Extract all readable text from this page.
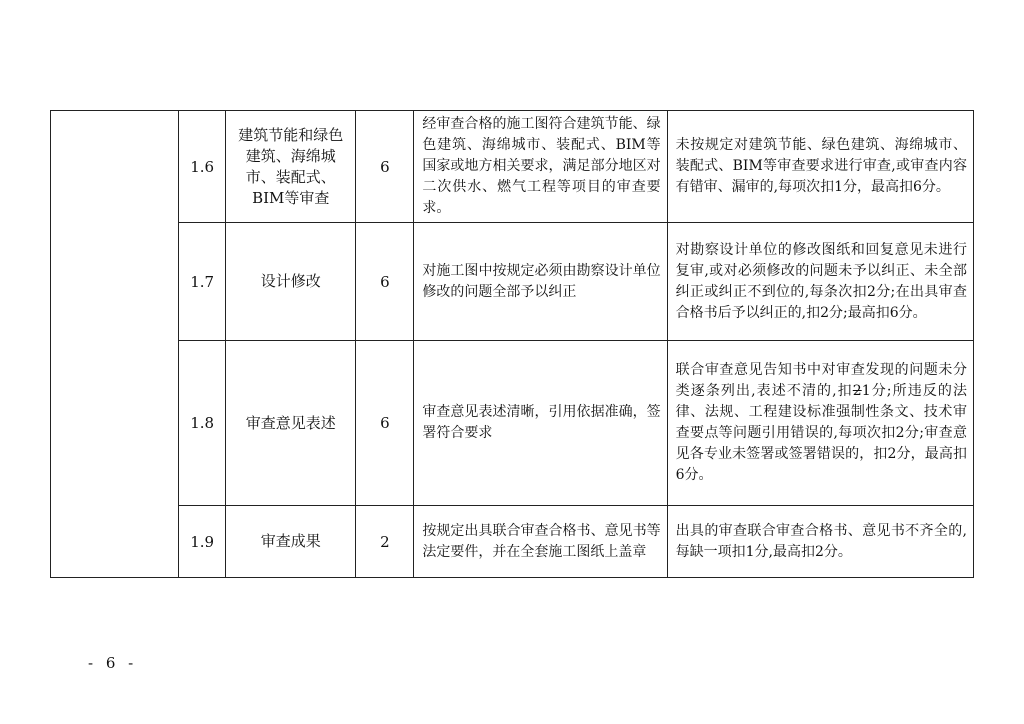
	1.6	建筑节能和绿色建筑、海绵城市、装配式、BIM等审查	6	经审查合格的施工图符合建筑节能、绿色建筑、海绵城市、装配式、BIM等国家或地方相关要求，满足部分地区对二次供水、燃气工程等项目的审查要求。	未按规定对建筑节能、绿色建筑、海绵城市、装配式、BIM等审查要求进行审查,或审查内容有错审、漏审的,每项次扣1分，最高扣6分。
	1.7	设计修改	6	对施工图中按规定必须由勘察设计单位修改的问题全部予以纠正	对勘察设计单位的修改图纸和回复意见未进行复审,或对必须修改的问题未予以纠正、未全部纠正或纠正不到位的,每条次扣2分;在出具审查合格书后予以纠正的,扣2分;最高扣6分。
	1.8	审查意见表述	6	审查意见表述清晰，引用依据准确，签署符合要求	联合审查意见告知书中对审查发现的问题未分类逐条列出,表述不清的,扣21分;所违反的法律、法规、工程建设标准强制性条文、技术审查要点等问题引用错误的,每项次扣2分;审查意见各专业未签署或签署错误的，扣2分，最高扣6分。
	1.9	审查成果	2	按规定出具联合审查合格书、意见书等法定要件，并在全套施工图纸上盖章	出具的审查联合审查合格书、意见书不齐全的,每缺一项扣1分,最高扣2分。
- 6 -
